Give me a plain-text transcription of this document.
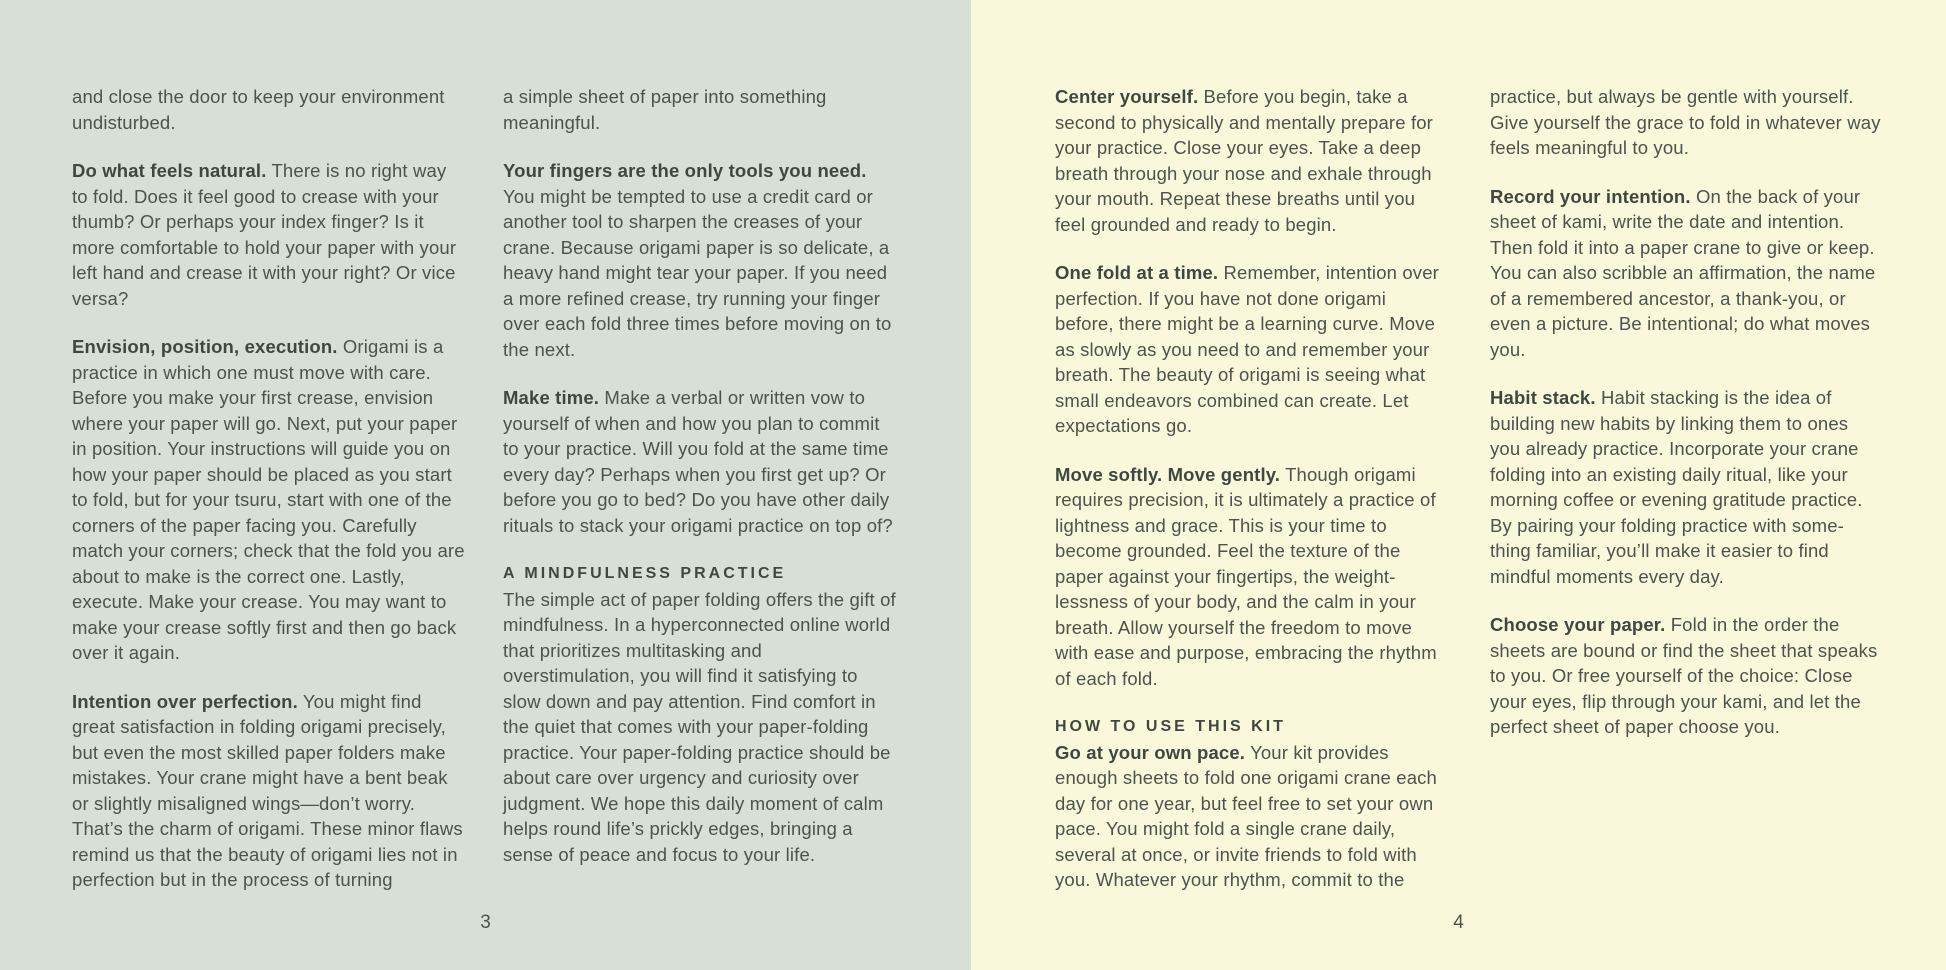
and close the door to keep your environment undisturbed.

Do what feels natural. There is no right way to fold. Does it feel good to crease with your thumb? Or perhaps your index finger? Is it more comfortable to hold your paper with your left hand and crease it with your right? Or vice versa?

Envision, position, execution. Origami is a practice in which one must move with care. Before you make your first crease, envision where your paper will go. Next, put your paper in position. Your instructions will guide you on how your paper should be placed as you start to fold, but for your tsuru, start with one of the corners of the paper facing you. Carefully match your corners; check that the fold you are about to make is the correct one. Lastly, execute. Make your crease. You may want to make your crease softly first and then go back over it again.

Intention over perfection. You might find great satisfaction in folding origami precisely, but even the most skilled paper folders make mistakes. Your crane might have a bent beak or slightly misaligned wings—don’t worry. That’s the charm of origami. These minor flaws remind us that the beauty of origami lies not in perfection but in the process of turning

a simple sheet of paper into something meaningful.

Your fingers are the only tools you need. You might be tempted to use a credit card or another tool to sharpen the creases of your crane. Because origami paper is so delicate, a heavy hand might tear your paper. If you need a more refined crease, try running your finger over each fold three times before moving on to the next.

Make time. Make a verbal or written vow to yourself of when and how you plan to commit to your practice. Will you fold at the same time every day? Perhaps when you first get up? Or before you go to bed? Do you have other daily rituals to stack your origami practice on top of?

A MINDFULNESS PRACTICE

The simple act of paper folding offers the gift of mindfulness. In a hyperconnected online world that prioritizes multitasking and overstimulation, you will find it satisfying to slow down and pay attention. Find comfort in the quiet that comes with your paper-folding practice. Your paper-folding practice should be about care over urgency and curiosity over judgment. We hope this daily moment of calm helps round life’s prickly edges, bringing a sense of peace and focus to your life.

3

Center yourself. Before you begin, take a second to physically and mentally prepare for your practice. Close your eyes. Take a deep breath through your nose and exhale through your mouth. Repeat these breaths until you feel grounded and ready to begin.

One fold at a time. Remember, intention over perfection. If you have not done origami before, there might be a learning curve. Move as slowly as you need to and remember your breath. The beauty of origami is seeing what small endeavors combined can create. Let expectations go.

Move softly. Move gently. Though origami requires precision, it is ultimately a practice of lightness and grace. This is your time to become grounded. Feel the texture of the paper against your fingertips, the weight-lessness of your body, and the calm in your breath. Allow yourself the freedom to move with ease and purpose, embracing the rhythm of each fold.

HOW TO USE THIS KIT

Go at your own pace. Your kit provides enough sheets to fold one origami crane each day for one year, but feel free to set your own pace. You might fold a single crane daily, several at once, or invite friends to fold with you. Whatever your rhythm, commit to the

practice, but always be gentle with yourself. Give yourself the grace to fold in whatever way feels meaningful to you.

Record your intention. On the back of your sheet of kami, write the date and intention. Then fold it into a paper crane to give or keep. You can also scribble an affirmation, the name of a remembered ancestor, a thank-you, or even a picture. Be intentional; do what moves you.

Habit stack. Habit stacking is the idea of building new habits by linking them to ones you already practice. Incorporate your crane folding into an existing daily ritual, like your morning coffee or evening gratitude practice. By pairing your folding practice with some-thing familiar, you’ll make it easier to find mindful moments every day.

Choose your paper. Fold in the order the sheets are bound or find the sheet that speaks to you. Or free yourself of the choice: Close your eyes, flip through your kami, and let the perfect sheet of paper choose you.

4
